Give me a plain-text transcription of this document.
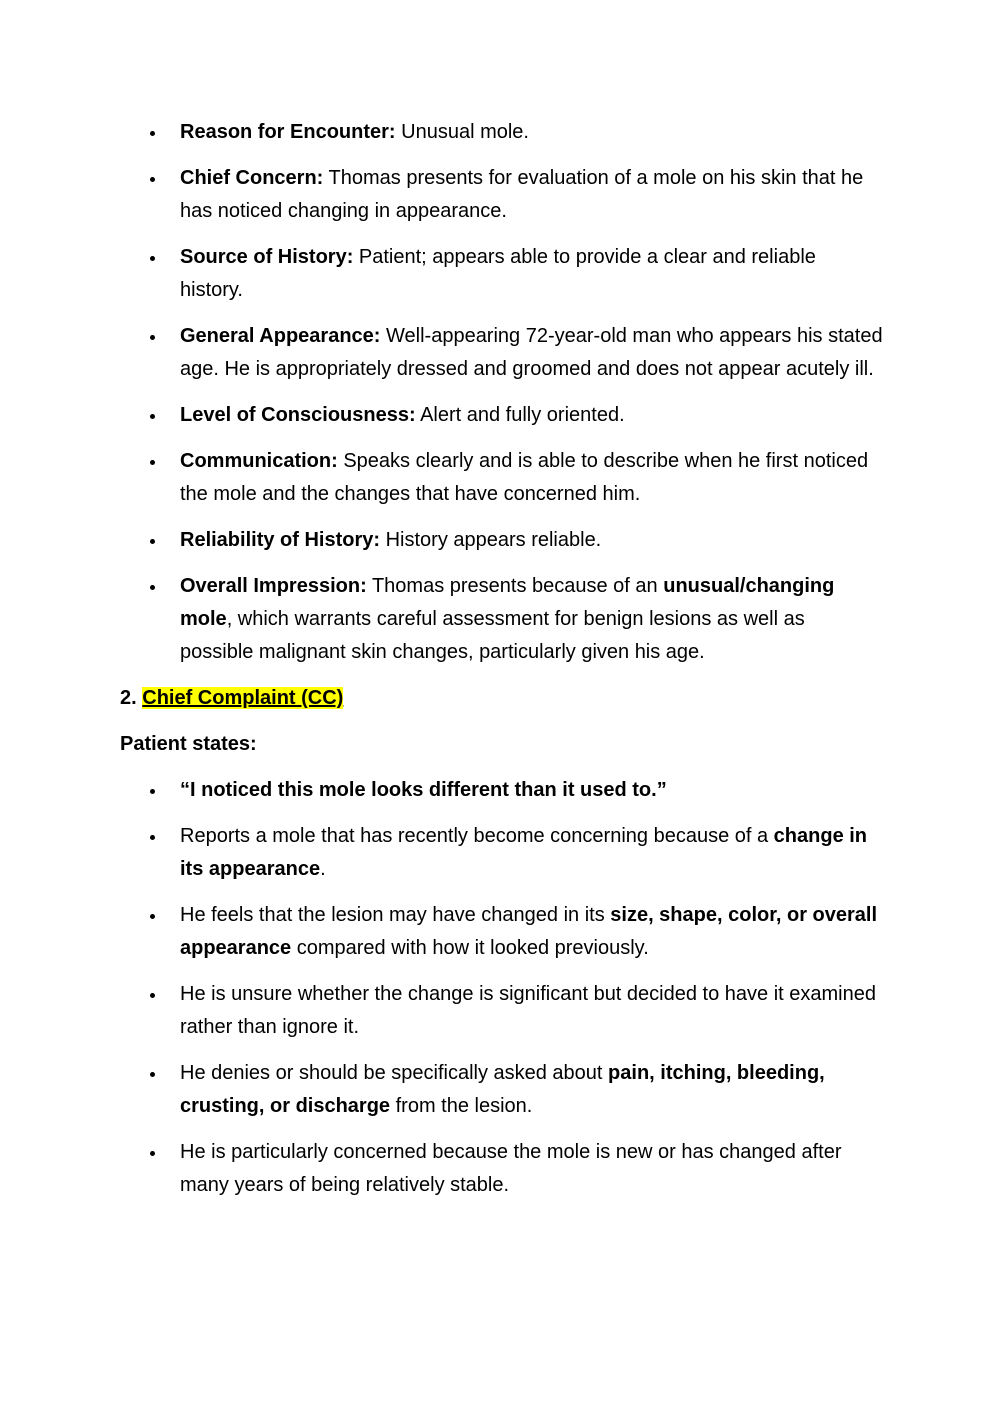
Reason for Encounter: Unusual mole.
Chief Concern: Thomas presents for evaluation of a mole on his skin that he has noticed changing in appearance.
Source of History: Patient; appears able to provide a clear and reliable history.
General Appearance: Well-appearing 72-year-old man who appears his stated age. He is appropriately dressed and groomed and does not appear acutely ill.
Level of Consciousness: Alert and fully oriented.
Communication: Speaks clearly and is able to describe when he first noticed the mole and the changes that have concerned him.
Reliability of History: History appears reliable.
Overall Impression: Thomas presents because of an unusual/changing mole, which warrants careful assessment for benign lesions as well as possible malignant skin changes, particularly given his age.
2. Chief Complaint (CC)
Patient states:
“I noticed this mole looks different than it used to.”
Reports a mole that has recently become concerning because of a change in its appearance.
He feels that the lesion may have changed in its size, shape, color, or overall appearance compared with how it looked previously.
He is unsure whether the change is significant but decided to have it examined rather than ignore it.
He denies or should be specifically asked about pain, itching, bleeding, crusting, or discharge from the lesion.
He is particularly concerned because the mole is new or has changed after many years of being relatively stable.
